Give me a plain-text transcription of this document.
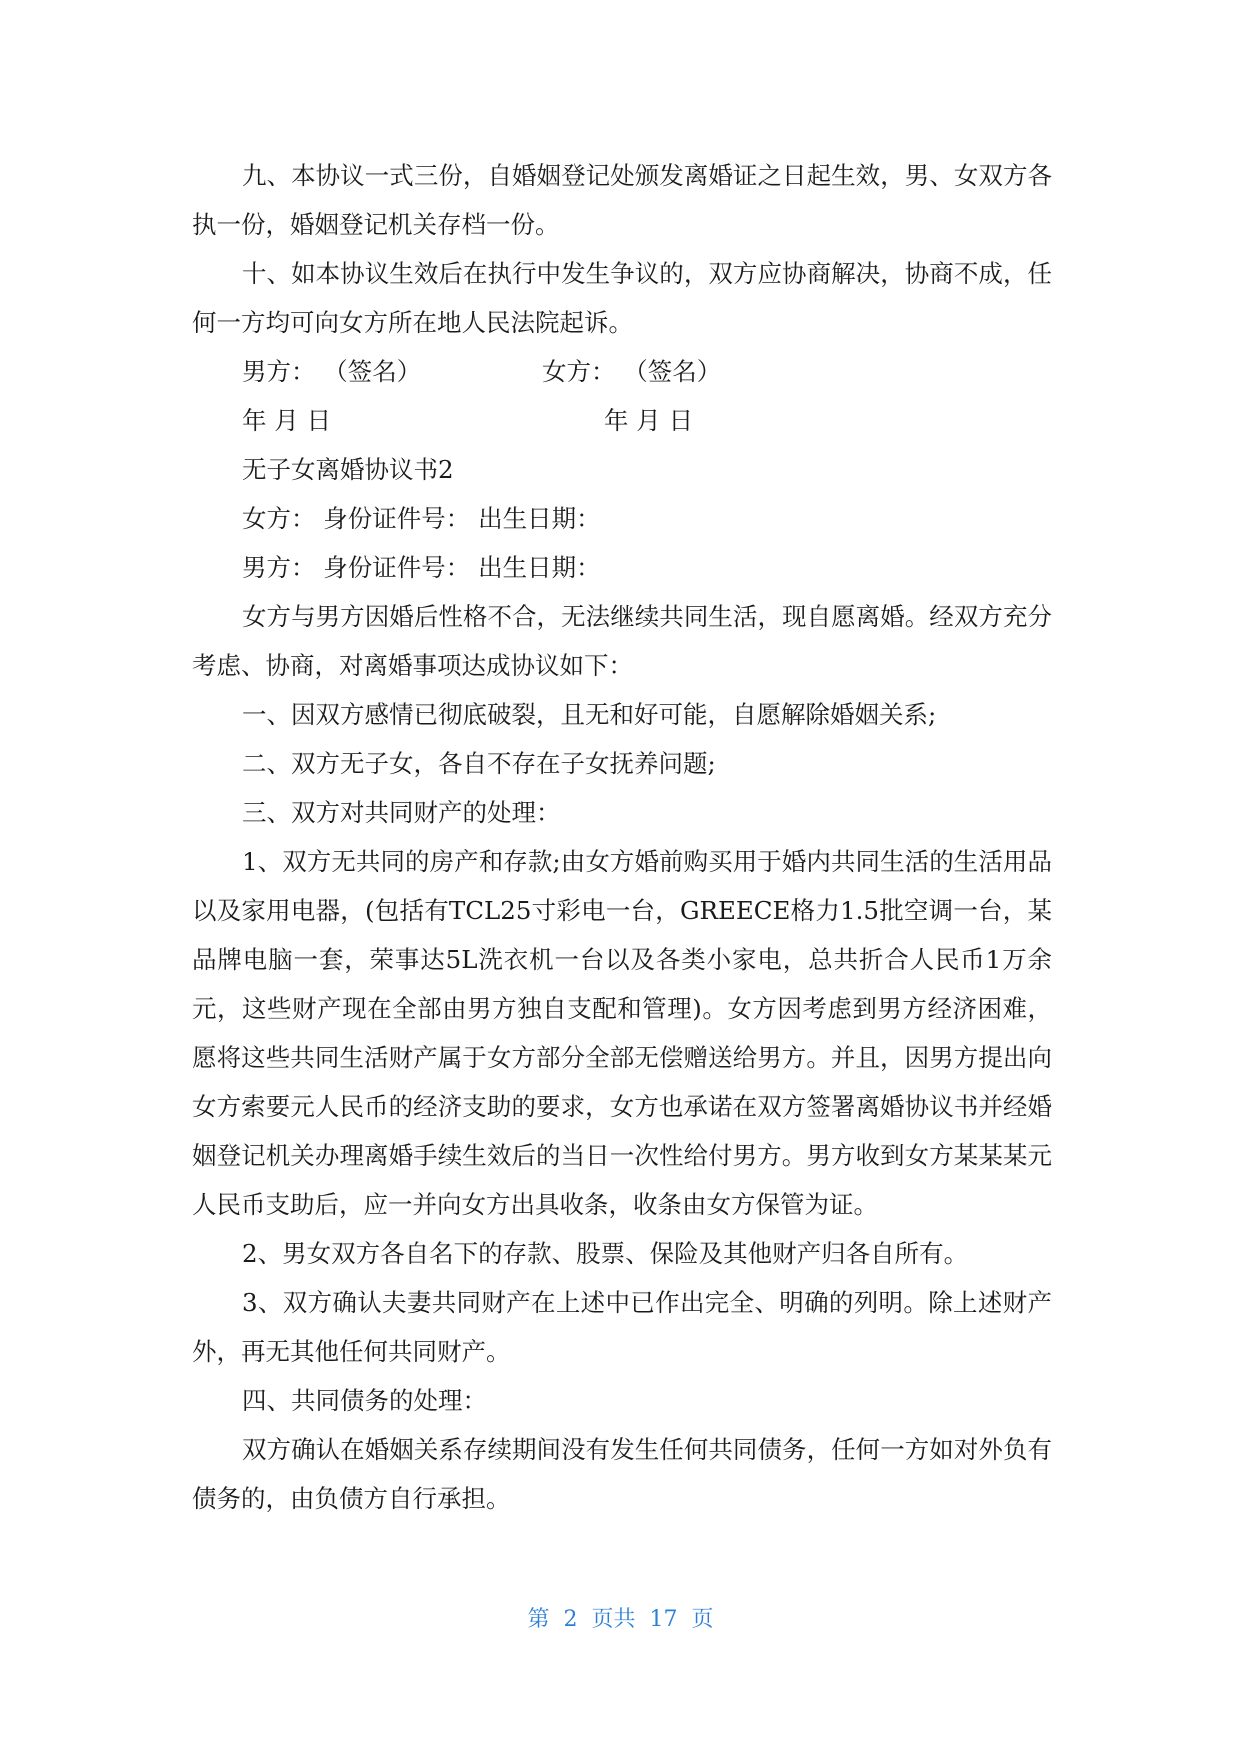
九、本协议一式三份，自婚姻登记处颁发离婚证之日起生效，男、女双方各执一份，婚姻登记机关存档一份。

十、如本协议生效后在执行中发生争议的，双方应协商解决，协商不成，任何一方均可向女方所在地人民法院起诉。

男方： （签名）	女方： （签名）
年 月 日	年 月 日
无子女离婚协议书2
女方： 身份证件号： 出生日期：
男方： 身份证件号： 出生日期：

女方与男方因婚后性格不合，无法继续共同生活，现自愿离婚。经双方充分考虑、协商，对离婚事项达成协议如下：

一、因双方感情已彻底破裂，且无和好可能，自愿解除婚姻关系;

二、双方无子女，各自不存在子女抚养问题;

三、双方对共同财产的处理：

1、双方无共同的房产和存款;由女方婚前购买用于婚内共同生活的生活用品以及家用电器，(包括有TCL25寸彩电一台，GREECE格力1.5批空调一台，某品牌电脑一套，荣事达5L洗衣机一台以及各类小家电，总共折合人民币1万余元，这些财产现在全部由男方独自支配和管理)。女方因考虑到男方经济困难，愿将这些共同生活财产属于女方部分全部无偿赠送给男方。并且，因男方提出向女方索要元人民币的经济支助的要求，女方也承诺在双方签署离婚协议书并经婚姻登记机关办理离婚手续生效后的当日一次性给付男方。男方收到女方某某某元人民币支助后，应一并向女方出具收条，收条由女方保管为证。

2、男女双方各自名下的存款、股票、保险及其他财产归各自所有。

3、双方确认夫妻共同财产在上述中已作出完全、明确的列明。除上述财产外，再无其他任何共同财产。

四、共同债务的处理：

双方确认在婚姻关系存续期间没有发生任何共同债务，任何一方如对外负有债务的，由负债方自行承担。

第  2  页共  17  页
